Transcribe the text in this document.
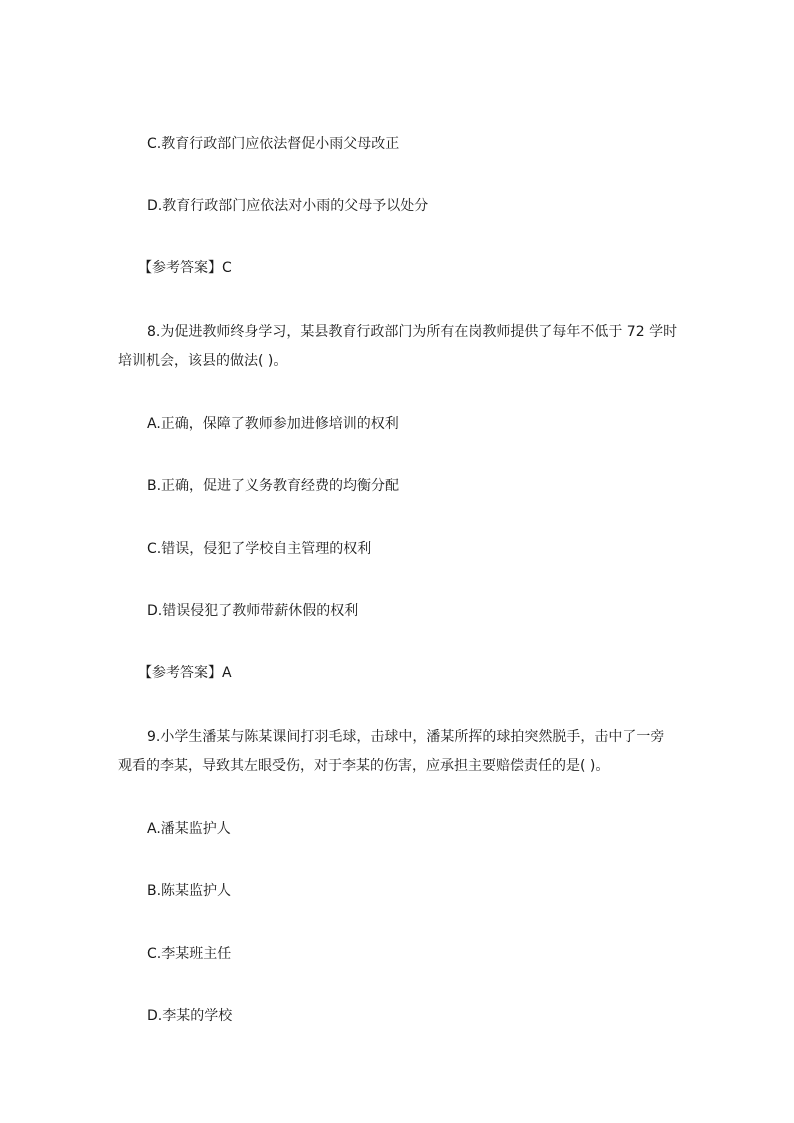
C.教育行政部门应依法督促小雨父母改正
D.教育行政部门应依法对小雨的父母予以处分
【参考答案】C
8.为促进教师终身学习，某县教育行政部门为所有在岗教师提供了每年不低于 72 学时
培训机会，该县的做法( )。
A.正确，保障了教师参加进修培训的权利
B.正确，促进了义务教育经费的均衡分配
C.错误，侵犯了学校自主管理的权利
D.错误侵犯了教师带薪休假的权利
【参考答案】A
9.小学生潘某与陈某课间打羽毛球，击球中，潘某所挥的球拍突然脱手，击中了一旁
观看的李某，导致其左眼受伤，对于李某的伤害，应承担主要赔偿责任的是( )。
A.潘某监护人
B.陈某监护人
C.李某班主任
D.李某的学校
